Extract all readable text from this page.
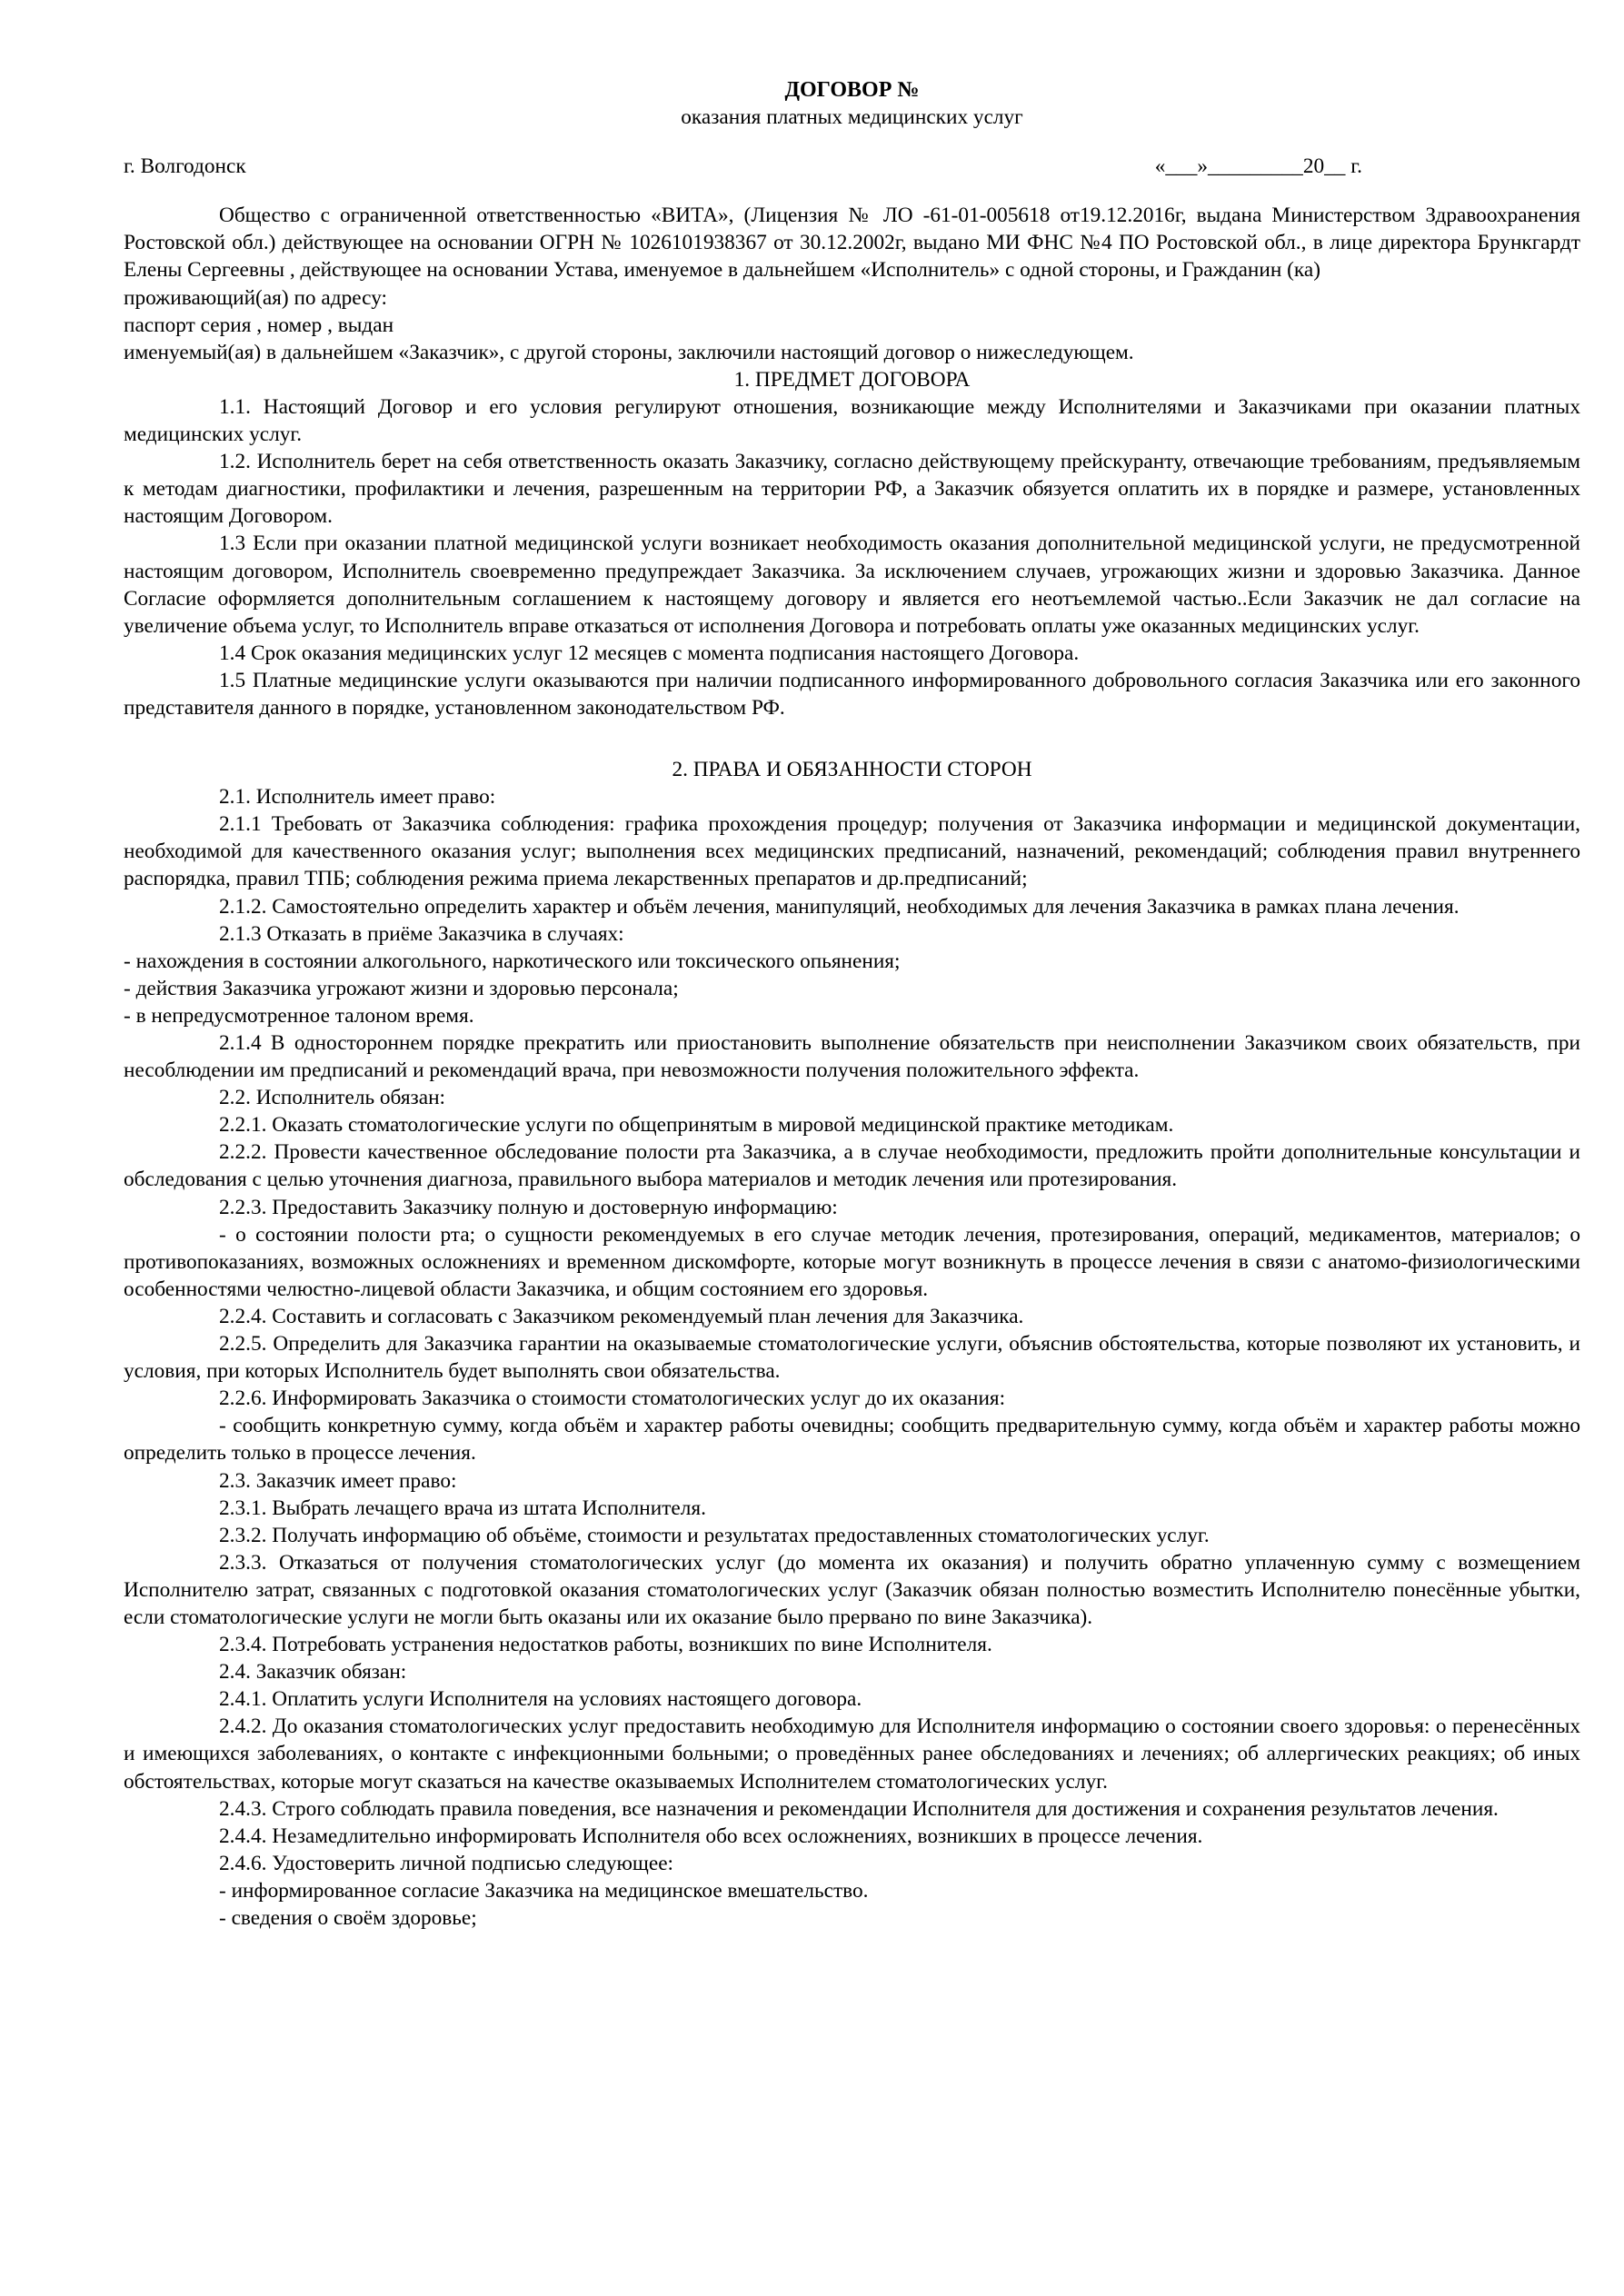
ДОГОВОР №
оказания платных медицинских услуг
г. Волгодонск	«___»_________20__ г.

Общество с ограниченной ответственностью «ВИТА», (Лицензия № ЛО -61-01-005618 от19.12.2016г, выдана Министерством Здравоохранения Ростовской обл.) действующее на основании ОГРН № 1026101938367 от 30.12.2002г, выдано МИ ФНС №4 ПО Ростовской обл., в лице директора Брункгардт Елены Сергеевны , действующее на основании Устава, именуемое в дальнейшем «Исполнитель» с одной стороны, и Гражданин (ка)

проживающий(ая) по адресу:

паспорт серия , номер , выдан

именуемый(ая) в дальнейшем «Заказчик», с другой стороны, заключили настоящий договор о нижеследующем.

1. ПРЕДМЕТ ДОГОВОРА

1.1. Настоящий Договор и его условия регулируют отношения, возникающие между Исполнителями и Заказчиками при оказании платных медицинских услуг.

1.2. Исполнитель берет на себя ответственность оказать Заказчику, согласно действующему прейскуранту, отвечающие требованиям, предъявляемым к методам диагностики, профилактики и лечения, разрешенным на территории РФ, а Заказчик обязуется оплатить их в порядке и размере, установленных настоящим Договором.

1.3 Если при оказании платной медицинской услуги возникает необходимость оказания дополнительной медицинской услуги, не предусмотренной настоящим договором, Исполнитель своевременно предупреждает Заказчика. За исключением случаев, угрожающих жизни и здоровью Заказчика. Данное Согласие оформляется дополнительным соглашением к настоящему договору и является его неотъемлемой частью..Если Заказчик не дал согласие на увеличение объема услуг, то Исполнитель вправе отказаться от исполнения Договора и потребовать оплаты уже оказанных медицинских услуг.

1.4 Срок оказания медицинских услуг 12 месяцев с момента подписания настоящего Договора.

1.5 Платные медицинские услуги оказываются при наличии подписанного информированного добровольного согласия Заказчика или его законного представителя данного в порядке, установленном законодательством РФ.

2. ПРАВА И ОБЯЗАННОСТИ СТОРОН

2.1. Исполнитель имеет право:

2.1.1 Требовать от Заказчика соблюдения: графика прохождения процедур; получения от Заказчика информации и медицинской документации, необходимой для качественного оказания услуг; выполнения всех медицинских предписаний, назначений, рекомендаций; соблюдения правил внутреннего распорядка, правил ТПБ; соблюдения режима приема лекарственных препаратов и др.предписаний;

2.1.2. Самостоятельно определить характер и объём лечения, манипуляций, необходимых для лечения Заказчика в рамках плана лечения.

2.1.3 Отказать в приёме Заказчика в случаях:

- нахождения в состоянии алкогольного, наркотического или токсического опьянения;

- действия Заказчика угрожают жизни и здоровью персонала;

- в непредусмотренное талоном время.

2.1.4 В одностороннем порядке прекратить или приостановить выполнение обязательств при неисполнении Заказчиком своих обязательств, при несоблюдении им предписаний и рекомендаций врача, при невозможности получения положительного эффекта.

2.2. Исполнитель обязан:

2.2.1. Оказать стоматологические услуги по общепринятым в мировой медицинской практике методикам.

2.2.2. Провести качественное обследование полости рта Заказчика, а в случае необходимости, предложить пройти дополнительные консультации и обследования с целью уточнения диагноза, правильного выбора материалов и методик лечения или протезирования.

2.2.3. Предоставить Заказчику полную и достоверную информацию:

- о состоянии полости рта; о сущности рекомендуемых в его случае методик лечения, протезирования, операций, медикаментов, материалов; о противопоказаниях, возможных осложнениях и временном дискомфорте, которые могут возникнуть в процессе лечения в связи с анатомо-физиологическими особенностями челюстно-лицевой области Заказчика, и общим состоянием его здоровья.

2.2.4. Составить и согласовать с Заказчиком рекомендуемый план лечения для Заказчика.

2.2.5. Определить для Заказчика гарантии на оказываемые стоматологические услуги, объяснив обстоятельства, которые позволяют их установить, и условия, при которых Исполнитель будет выполнять свои обязательства.

2.2.6. Информировать Заказчика о стоимости стоматологических услуг до их оказания:

- сообщить конкретную сумму, когда объём и характер работы очевидны; сообщить предварительную сумму, когда объём и характер работы можно определить только в процессе лечения.

2.3. Заказчик имеет право:

2.3.1. Выбрать лечащего врача из штата Исполнителя.

2.3.2. Получать информацию об объёме, стоимости и результатах предоставленных стоматологических услуг.

2.3.3. Отказаться от получения стоматологических услуг (до момента их оказания) и получить обратно уплаченную сумму с возмещением Исполнителю затрат, связанных с подготовкой оказания стоматологических услуг (Заказчик обязан полностью возместить Исполнителю понесённые убытки, если стоматологические услуги не могли быть оказаны или их оказание было прервано по вине Заказчика).

2.3.4. Потребовать устранения недостатков работы, возникших по вине Исполнителя.

2.4. Заказчик обязан:

2.4.1. Оплатить услуги Исполнителя на условиях настоящего договора.

2.4.2. До оказания стоматологических услуг предоставить необходимую для Исполнителя информацию о состоянии своего здоровья: о перенесённых и имеющихся заболеваниях, о контакте с инфекционными больными; о проведённых ранее обследованиях и лечениях; об аллергических реакциях; об иных обстоятельствах, которые могут сказаться на качестве оказываемых Исполнителем стоматологических услуг.

2.4.3. Строго соблюдать правила поведения, все назначения и рекомендации Исполнителя для достижения и сохранения результатов лечения.

2.4.4. Незамедлительно информировать Исполнителя обо всех осложнениях, возникших в процессе лечения.

2.4.6. Удостоверить личной подписью следующее:

- информированное согласие Заказчика на медицинское вмешательство.

- сведения о своём здоровье;
